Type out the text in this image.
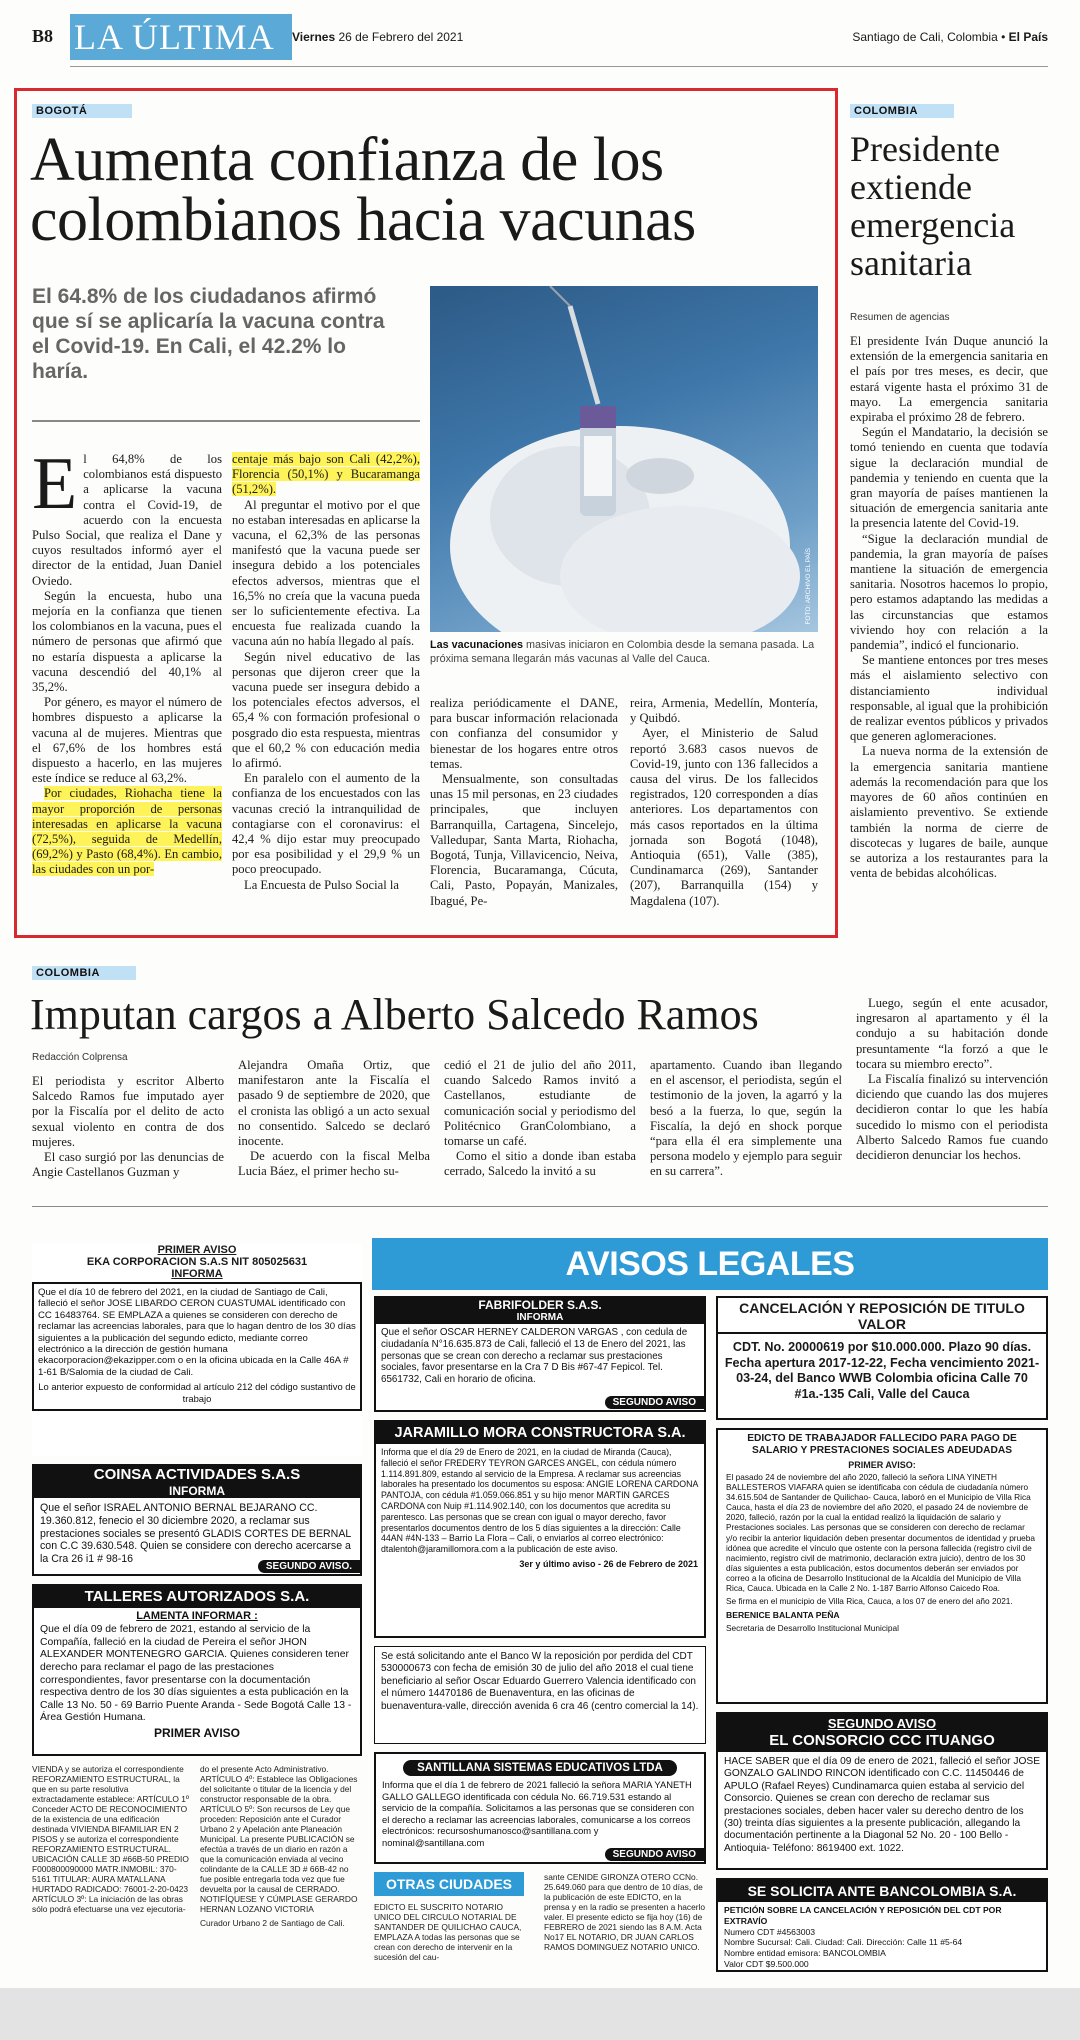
B8 LA ÚLTIMA	Viernes 26 de Febrero del 2021	Santiago de Cali, Colombia • El País
BOGOTÁ
Aumenta confianza de los colombianos hacia vacunas
El 64.8% de los ciudadanos afirmó que sí se aplicaría la vacuna contra el Covid-19. En Cali, el 42.2% lo haría.
FOTO: ARCHIVO EL PAÍS
Las vacunaciones masivas iniciaron en Colombia desde la semana pasada. La próxima semana llegarán más vacunas al Valle del Cauca.
E l 64,8% de los colombianos está dispuesto a aplicarse la vacuna contra el Covid-19, de acuerdo con la encuesta Pulso Social, que realiza el Dane y cuyos resultados informó ayer el director de la entidad, Juan Daniel Oviedo.

Según la encuesta, hubo una mejoría en la confianza que tienen los colombianos en la vacuna, pues el número de personas que afirmó que no estaría dispuesta a aplicarse la vacuna descendió del 40,1% al 35,2%.

Por género, es mayor el número de hombres dispuesto a aplicarse la vacuna al de mujeres. Mientras que el 67,6% de los hombres está dispuesto a hacerlo, en las mujeres este índice se reduce al 63,2%.

Por ciudades, Riohacha tiene la mayor proporción de personas interesadas en aplicarse la vacuna (72,5%), seguida de Medellín, (69,2%) y Pasto (68,4%). En cambio, las ciudades con un por-

centaje más bajo son Cali (42,2%), Florencia (50,1%) y Bucaramanga (51,2%).

Al preguntar el motivo por el que no estaban interesadas en aplicarse la vacuna, el 62,3% de las personas manifestó que la vacuna puede ser insegura debido a los potenciales efectos adversos, mientras que el 16,5% no creía que la vacuna pueda ser lo suficientemente efectiva. La encuesta fue realizada cuando la vacuna aún no había llegado al país.

Según nivel educativo de las personas que dijeron creer que la vacuna puede ser insegura debido a los potenciales efectos adversos, el 65,4 % con formación profesional o posgrado dio esta respuesta, mientras que el 60,2 % con educación media lo afirmó.

En paralelo con el aumento de la confianza de los encuestados con las vacunas creció la intranquilidad de contagiarse con el coronavirus: el 42,4 % dijo estar muy preocupado por esa posibilidad y el 29,9 % un poco preocupado.

La Encuesta de Pulso Social la

realiza periódicamente el DANE, para buscar información relacionada con confianza del consumidor y bienestar de los hogares entre otros temas.

Mensualmente, son consultadas unas 15 mil personas, en 23 ciudades principales, que incluyen Barranquilla, Cartagena, Sincelejo, Valledupar, Santa Marta, Riohacha, Bogotá, Tunja, Villavicencio, Neiva, Florencia, Bucaramanga, Cúcuta, Cali, Pasto, Popayán, Manizales, Ibagué, Pe-

reira, Armenia, Medellín, Montería, y Quibdó.

Ayer, el Ministerio de Salud reportó 3.683 casos nuevos de Covid-19, junto con 136 fallecidos a causa del virus. De los fallecidos registrados, 120 corresponden a días anteriores. Los departamentos con más casos reportados en la última jornada son Bogotá (1048), Antioquia (651), Valle (385), Cundinamarca (269), Santander (207), Barranquilla (154) y Magdalena (107).

COLOMBIA
Presidente extiende emergencia sanitaria
Resumen de agencias

El presidente Iván Duque anunció la extensión de la emergencia sanitaria en el país por tres meses, es decir, que estará vigente hasta el próximo 31 de mayo. La emergencia sanitaria expiraba el próximo 28 de febrero.

Según el Mandatario, la decisión se tomó teniendo en cuenta que todavía sigue la declaración mundial de pandemia y teniendo en cuenta que la gran mayoría de países mantienen la situación de emergencia sanitaria ante la presencia latente del Covid-19.

“Sigue la declaración mundial de pandemia, la gran mayoría de países mantiene la situación de emergencia sanitaria. Nosotros hacemos lo propio, pero estamos adaptando las medidas a las circunstancias que estamos viviendo hoy con relación a la pandemia”, indicó el funcionario.

Se mantiene entonces por tres meses más el aislamiento selectivo con distanciamiento individual responsable, al igual que la prohibición de realizar eventos públicos y privados que generen aglomeraciones.

La nueva norma de la extensión de la emergencia sanitaria mantiene además la recomendación para que los mayores de 60 años continúen en aislamiento preventivo. Se extiende también la norma de cierre de discotecas y lugares de baile, aunque se autoriza a los restaurantes para la venta de bebidas alcohólicas.

COLOMBIA
Imputan cargos a Alberto Salcedo Ramos
Redacción Colprensa

El periodista y escritor Alberto Salcedo Ramos fue imputado ayer por la Fiscalía por el delito de acto sexual violento en contra de dos mujeres.

El caso surgió por las denuncias de Angie Castellanos Guzman y

Alejandra Omaña Ortiz, que manifestaron ante la Fiscalía el pasado 9 de septiembre de 2020, que el cronista las obligó a un acto sexual no consentido. Salcedo se declaró inocente.

De acuerdo con la fiscal Melba Lucia Báez, el primer hecho su-

cedió el 21 de julio del año 2011, cuando Salcedo Ramos invitó a Castellanos, estudiante de comunicación social y periodismo del Politécnico GranColombiano, a tomarse un café.

Como el sitio a donde iban estaba cerrado, Salcedo la invitó a su

apartamento. Cuando iban llegando en el ascensor, el periodista, según el testimonio de la joven, la agarró y la besó a la fuerza, lo que, según la Fiscalía, la dejó en shock porque “para ella él era simplemente una persona modelo y ejemplo para seguir en su carrera”.

Luego, según el ente acusador, ingresaron al apartamento y él la condujo a su habitación donde presuntamente “la forzó a que le tocara su miembro erecto”.

La Fiscalía finalizó su intervención diciendo que cuando las dos mujeres decidieron contar lo que les había sucedido lo mismo con el periodista Alberto Salcedo Ramos fue cuando decidieron denunciar los hechos.

AVISOS LEGALES
PRIMER AVISO
EKA CORPORACION S.A.S NIT 805025631
INFORMA
Que el día 10 de febrero del 2021, en la ciudad de Santiago de Cali, falleció el señor JOSE LIBARDO CERON CUASTUMAL identificado con CC 16483764. SE EMPLAZA a quienes se consideren con derecho de reclamar las acreencias laborales, para que lo hagan dentro de los 30 días siguientes a la publicación del segundo edicto, mediante correo electrónico a la dirección de gestión humana ekacorporacion@ekazipper.com o en la oficina ubicada en la Calle 46A # 1-61 B/Salomia de la ciudad de Cali.
Lo anterior expuesto de conformidad al artículo 212 del código sustantivo de trabajo
COINSA ACTIVIDADES S.A.S
INFORMA
Que el señor ISRAEL ANTONIO BERNAL BEJARANO CC. 19.360.812, fenecio el 30 diciembre 2020, a reclamar sus prestaciones sociales se presentó GLADIS CORTES DE BERNAL con C.C 39.630.548. Quien se considere con derecho acercarse a la Cra 26 i1 # 98-16
SEGUNDO AVISO.
TALLERES AUTORIZADOS S.A.
LAMENTA INFORMAR :
Que el día 09 de febrero de 2021, estando al servicio de la Compañía, falleció en la ciudad de Pereira el señor JHON ALEXANDER MONTENEGRO GARCIA. Quienes consideren tener derecho para reclamar el pago de las prestaciones correspondientes, favor presentarse con la documentación respectiva dentro de los 30 días siguientes a esta publicación en la Calle 13 No. 50 - 69 Barrio Puente Aranda - Sede Bogotá Calle 13 - Área Gestión Humana.
PRIMER AVISO
VIENDA y se autoriza el correspondiente REFORZAMIENTO ESTRUCTURAL, la que en su parte resolutiva extractadamente establece: ARTÍCULO 1º Conceder ACTO DE RECONOCIMIENTO de la existencia de una edificación destinada VIVIENDA BIFAMILIAR EN 2 PISOS y se autoriza el correspondiente REFORZAMIENTO ESTRUCTURAL. UBICACIÓN CALLE 3D #66B-50 PREDIO F000800090000 MATR.INMOBIL: 370-5161 TITULAR: AURA MATALLANA HURTADO RADICADO: 76001-2-20-0423 ARTÍCULO 3º: La iniciación de las obras sólo podrá efectuarse una vez ejecutoria-
do el presente Acto Administrativo. ARTÍCULO 4º: Establece las Obligaciones del solicitante o titular de la licencia y del constructor responsable de la obra. ARTÍCULO 5º: Son recursos de Ley que proceden: Reposición ante el Curador Urbano 2 y Apelación ante Planeación Municipal. La presente PUBLICACIÓN se efectúa a través de un diario en razón a que la comunicación enviada al vecino colindante de la CALLE 3D # 66B-42 no fue posible entregarla toda vez que fue devuelta por la causal de CERRADO. NOTIFÍQUESE Y CÚMPLASE GERARDO HERNAN LOZANO VICTORIA
Curador Urbano 2 de Santiago de Cali.
FABRIFOLDER S.A.S.
INFORMA
Que el señor OSCAR HERNEY CALDERON VARGAS , con cedula de ciudadanía N°16.635.873 de Cali, falleció el 13 de Enero del 2021, las personas que se crean con derecho a reclamar sus prestaciones sociales, favor presentarse en la Cra 7 D Bis #67-47 Fepicol. Tel. 6561732, Cali en horario de oficina.
SEGUNDO AVISO
JARAMILLO MORA CONSTRUCTORA S.A.
Informa que el día 29 de Enero de 2021, en la ciudad de Miranda (Cauca), falleció el señor FREDERY TEYRON GARCES ANGEL, con cédula número 1.114.891.809, estando al servicio de la Empresa. A reclamar sus acreencias laborales ha presentado los documentos su esposa: ANGIE LORENA CARDONA PANTOJA, con cédula #1.059.066.851 y su hijo menor MARTIN GARCES CARDONA con Nuip #1.114.902.140, con los documentos que acredita su parentesco. Las personas que se crean con igual o mayor derecho, favor presentarlos documentos dentro de los 5 días siguientes a la dirección: Calle 44AN #4N-133 – Barrio La Flora – Cali, o enviarlos al correo electrónico: dtalentoh@jaramillomora.com a la publicación de este aviso.
3er y último aviso - 26 de Febrero de 2021
Se está solicitando ante el Banco W la reposición por perdida del CDT 530000673 con fecha de emisión 30 de julio del año 2018 el cual tiene beneficiario al señor Oscar Eduardo Guerrero Valencia identificado con el número 14470186 de Buenaventura, en las oficinas de buenaventura-valle, dirección avenida 6 cra 46 (centro comercial la 14).
SANTILLANA SISTEMAS EDUCATIVOS LTDA
Informa que el día 1 de febrero de 2021 falleció la señora MARIA YANETH GALLO GALLEGO identificada con cédula No. 66.719.531 estando al servicio de la compañía. Solicitamos a las personas que se consideren con el derecho a reclamar las acreencias laborales, comunicarse a los correos electrónicos: recursoshumanosco@santillana.com y nominal@santillana.com
SEGUNDO AVISO
OTRAS CIUDADES
EDICTO EL SUSCRITO NOTARIO UNICO DEL CIRCULO NOTARIAL DE SANTANDER DE QUILICHAO CAUCA, EMPLAZA A todas las personas que se crean con derecho de intervenir en la sucesión del cau-
sante CENIDE GIRONZA OTERO CCNo. 25.649.060 para que dentro de 10 días, de la publicación de este EDICTO, en la prensa y en la radio se presenten a hacerlo valer. El presente edicto se fija hoy (16) de FEBRERO de 2021 siendo las 8 A.M. Acta No17 EL NOTARIO, DR JUAN CARLOS RAMOS DOMINGUEZ NOTARIO UNICO.
CANCELACIÓN Y REPOSICIÓN DE TITULO VALOR
CDT. No. 20000619 por $10.000.000. Plazo 90 días. Fecha apertura 2017-12-22, Fecha vencimiento 2021-03-24, del Banco WWB Colombia oficina Calle 70 #1a.-135 Cali, Valle del Cauca
EDICTO DE TRABAJADOR FALLECIDO PARA PAGO DE SALARIO Y PRESTACIONES SOCIALES ADEUDADAS
PRIMER AVISO:
El pasado 24 de noviembre del año 2020, falleció la señora LINA YINETH BALLESTEROS VIAFARA quien se identificaba con cédula de ciudadanía número 34.615.504 de Santander de Quilichao- Cauca, laboró en el Municipio de Villa Rica Cauca, hasta el día 23 de noviembre del año 2020, el pasado 24 de noviembre de 2020, falleció, razón por la cual la entidad realizó la liquidación de salario y Prestaciones sociales. Las personas que se consideren con derecho de reclamar y/o recibir la anterior liquidación deben presentar documentos de identidad y prueba idónea que acredite el vínculo que ostente con la persona fallecida (registro civil de nacimiento, registro civil de matrimonio, declaración extra juicio), dentro de los 30 días siguientes a esta publicación, estos documentos deberán ser enviados por correo a la oficina de Desarrollo Institucional de la Alcaldía del Municipio de Villa Rica, Cauca. Ubicada en la Calle 2 No. 1-187 Barrio Alfonso Caicedo Roa.
Se firma en el municipio de Villa Rica, Cauca, a los 07 de enero del año 2021.
BERENICE BALANTA PEÑA
Secretaria de Desarrollo Institucional Municipal
SEGUNDO AVISO
EL CONSORCIO CCC ITUANGO
HACE SABER que el día 09 de enero de 2021, falleció el señor JOSE GONZALO GALINDO RINCON identificado con C.C. 11450446 de APULO (Rafael Reyes) Cundinamarca quien estaba al servicio del Consorcio. Quienes se crean con derecho de reclamar sus prestaciones sociales, deben hacer valer su derecho dentro de los (30) treinta días siguientes a la presente publicación, allegando la documentación pertinente a la Diagonal 52 No. 20 - 100 Bello - Antioquia- Teléfono: 8619400 ext. 1022.
SE SOLICITA ANTE BANCOLOMBIA S.A.
PETICIÓN SOBRE LA CANCELACIÓN Y REPOSICIÓN DEL CDT POR EXTRAVÍO
Numero CDT #4563003
Nombre Sucursal: Cali. Ciudad: Cali. Dirección: Calle 11 #5-64
Nombre entidad emisora: BANCOLOMBIA
Valor CDT $9.500.000
